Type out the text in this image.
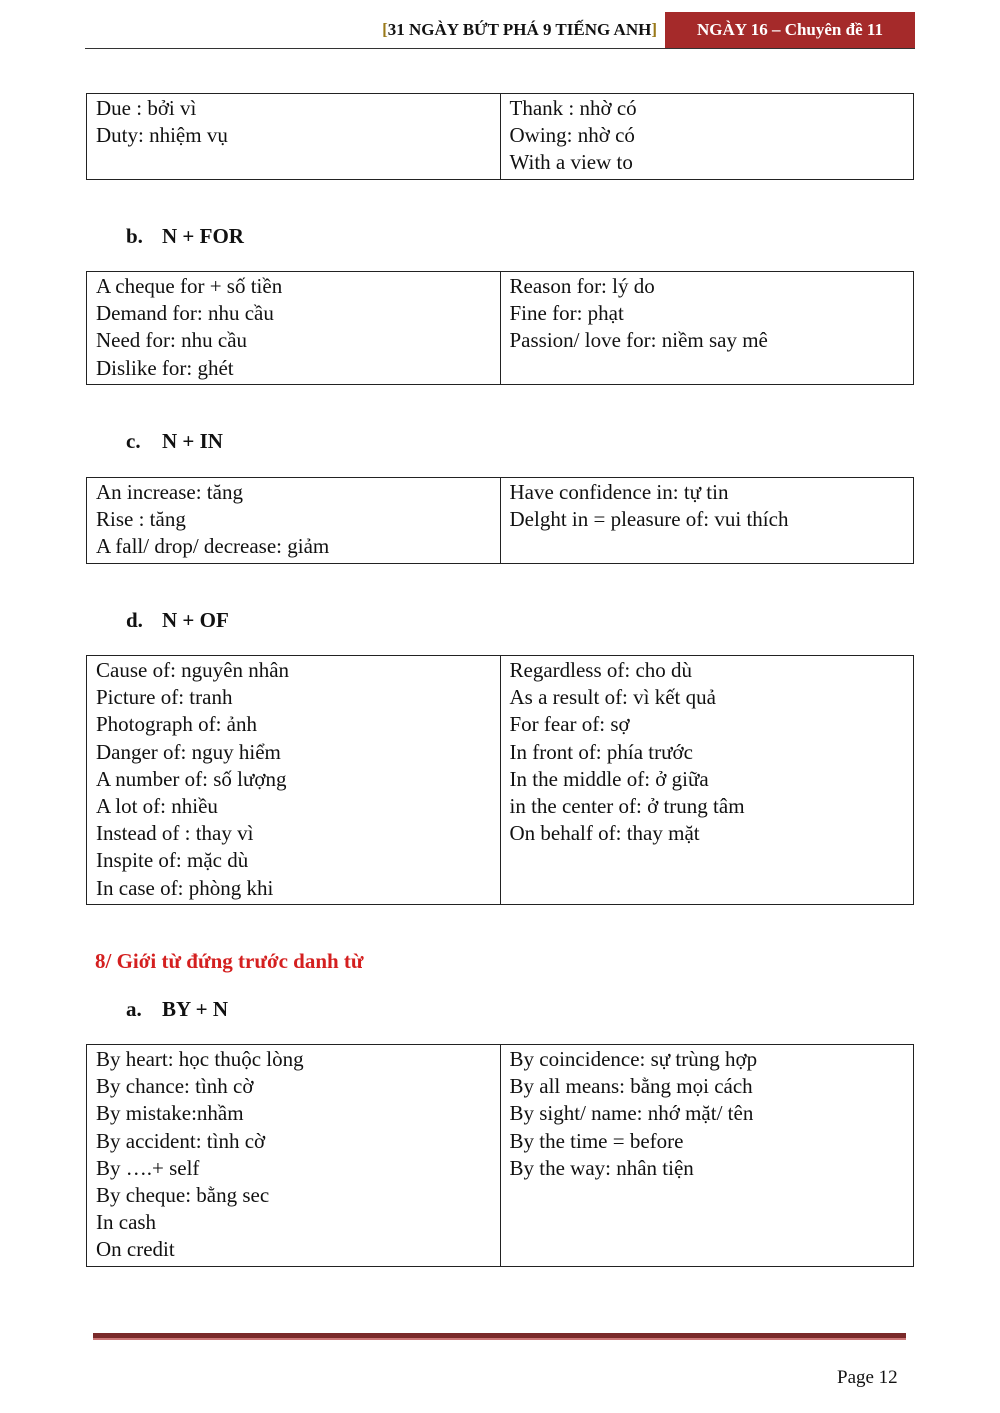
[31 NGÀY BỨT PHÁ 9 TIẾNG ANH]	NGÀY 16 – Chuyên đề 11
Due : bởi vì
Duty: nhiệm vụ

Thank : nhờ có
Owing: nhờ có
With a view to
b. N + FOR
A cheque for + số tiền
Demand for: nhu cầu
Need for: nhu cầu
Dislike for: ghét

Reason for: lý do
Fine for: phạt
Passion/ love for: niềm say mê
c. N + IN
An increase: tăng
Rise : tăng
A fall/ drop/ decrease: giảm

Have confidence in: tự tin
Delght in = pleasure of: vui thích
d. N + OF
Cause of: nguyên nhân
Picture of: tranh
Photograph of: ảnh
Danger of: nguy hiểm
A number of: số lượng
A lot of: nhiều
Instead of : thay vì
Inspite of: mặc dù
In case of: phòng khi

Regardless of: cho dù
As a result of: vì kết quả
For fear of: sợ
In front of: phía trước
In the middle of: ở giữa
in the center of: ở trung tâm
On behalf of: thay mặt
8/ Giới từ đứng trước danh từ
a. BY + N
By heart: học thuộc lòng
By chance: tình cờ
By mistake:nhầm
By accident: tình cờ
By ….+ self
By cheque: bằng sec
In cash
On credit

By coincidence: sự trùng hợp
By all means: bằng mọi cách
By sight/ name: nhớ mặt/ tên
By the time = before
By the way: nhân tiện
Page 12
